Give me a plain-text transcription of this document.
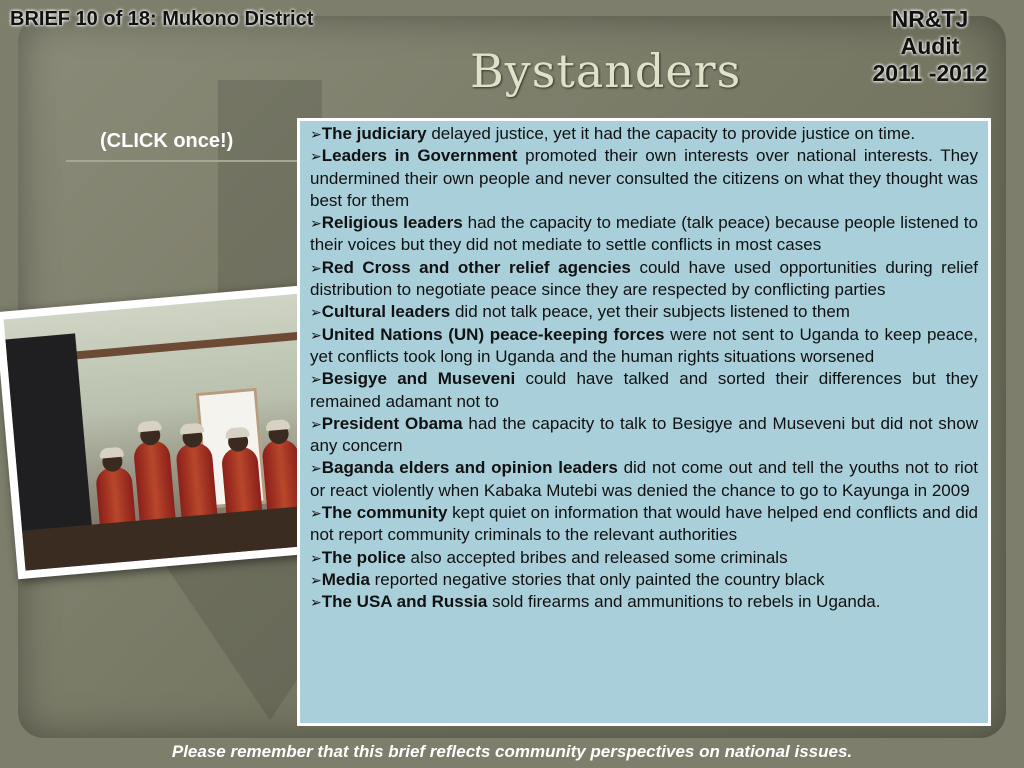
BRIEF 10 of 18: Mukono District	NR&TJ
Audit
2011 -2012
Bystanders
(CLICK once!)	➢The judiciary delayed justice, yet it had the capacity to provide justice on time.

➢Leaders in Government promoted their own interests over national interests. They undermined their own people and never consulted the citizens on what they thought was best for them

➢Religious leaders had the capacity to mediate (talk peace) because people listened to their voices but they did not mediate to settle conflicts in most cases

➢Red Cross and other relief agencies could have used opportunities during relief distribution to negotiate peace since they are respected by conflicting parties

➢Cultural leaders did not talk peace, yet their subjects listened to them

➢United Nations (UN) peace-keeping forces were not sent to Uganda to keep peace, yet conflicts took long in Uganda and the human rights situations worsened

➢Besigye and Museveni could have talked and sorted their differences but they remained adamant not to

➢President Obama had the capacity to talk to Besigye and Museveni but did not show any concern

➢Baganda elders and opinion leaders did not come out and tell the youths not to riot or react violently when Kabaka Mutebi was denied the chance to go to Kayunga in 2009

➢The community kept quiet on information that would have helped end conflicts and did not report community criminals to the relevant authorities

➢The police also accepted bribes and released some criminals

➢Media reported negative stories that only painted the country black

➢The USA and Russia sold firearms and ammunitions to rebels in Uganda.

Please remember that this brief reflects community perspectives on national issues.
